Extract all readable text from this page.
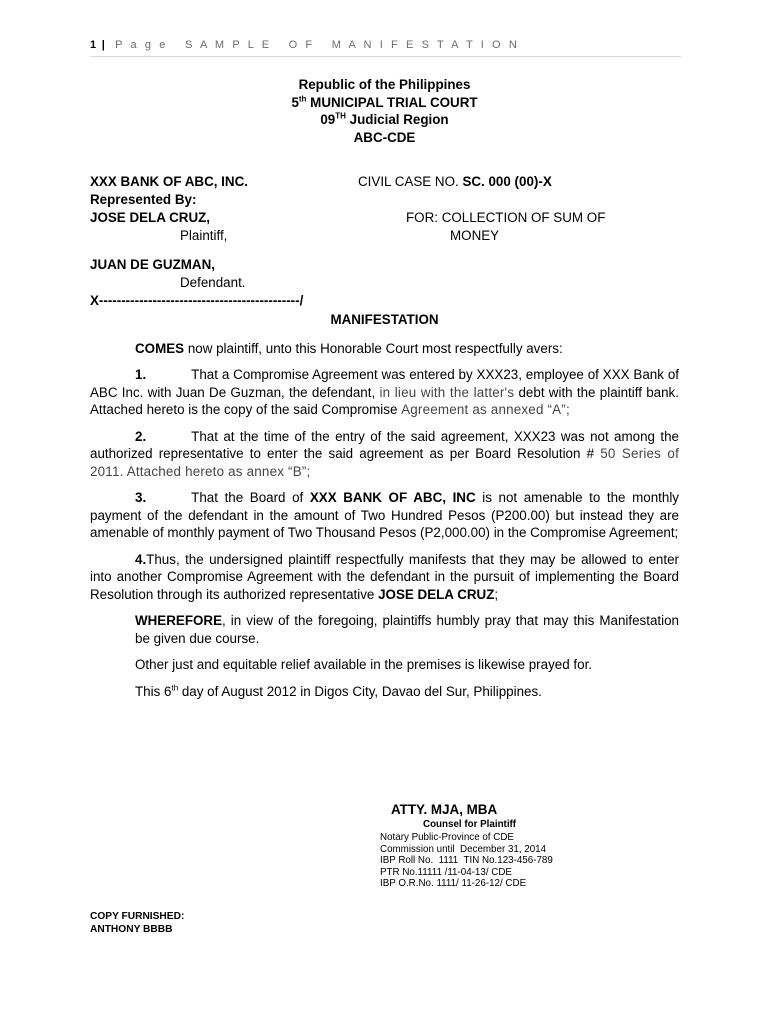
1 | P a g e   S A M P L E   O F   M A N I F E S T A T I O N
Republic of the Philippines
5th MUNICIPAL TRIAL COURT
09TH Judicial Region
ABC-CDE
XXX BANK OF ABC, INC.	CIVIL CASE NO. SC. 000 (00)-X
Represented By:
JOSE DELA CRUZ,	FOR: COLLECTION OF SUM OF
Plaintiff,	MONEY
JUAN DE GUZMAN,
Defendant.
X---------------------------------------------/
MANIFESTATION

COMES now plaintiff, unto this Honorable Court most respectfully avers:

1.	That a Compromise Agreement was entered by XXX23, employee of XXX Bank of ABC Inc. with Juan De Guzman, the defendant, in lieu with the latter's debt with the plaintiff bank. Attached hereto is the copy of the said Compromise Agreement as annexed “A”;

2.	That at the time of the entry of the said agreement, XXX23 was not among the authorized representative to enter the said agreement as per Board Resolution # 50 Series of 2011. Attached hereto as annex “B”;

3.	That the Board of XXX BANK OF ABC, INC is not amenable to the monthly payment of the defendant in the amount of Two Hundred Pesos (P200.00) but instead they are amenable of monthly payment of Two Thousand Pesos (P2,000.00) in the Compromise Agreement;

4.Thus, the undersigned plaintiff respectfully manifests that they may be allowed to enter into another Compromise Agreement with the defendant in the pursuit of implementing the Board Resolution through its authorized representative JOSE DELA CRUZ;

WHEREFORE, in view of the foregoing, plaintiffs humbly pray that may this Manifestation be given due course.

Other just and equitable relief available in the premises is likewise prayed for.

This 6th day of August 2012 in Digos City, Davao del Sur, Philippines.

ATTY. MJA, MBA
Counsel for Plaintiff
Notary Public-Province of CDE
Commission until  December 31, 2014
IBP Roll No.  1111  TIN No.123-456-789
PTR No.11111 /11-04-13/ CDE
IBP O.R.No. 1111/ 11-26-12/ CDE
COPY FURNISHED:
ANTHONY BBBB
